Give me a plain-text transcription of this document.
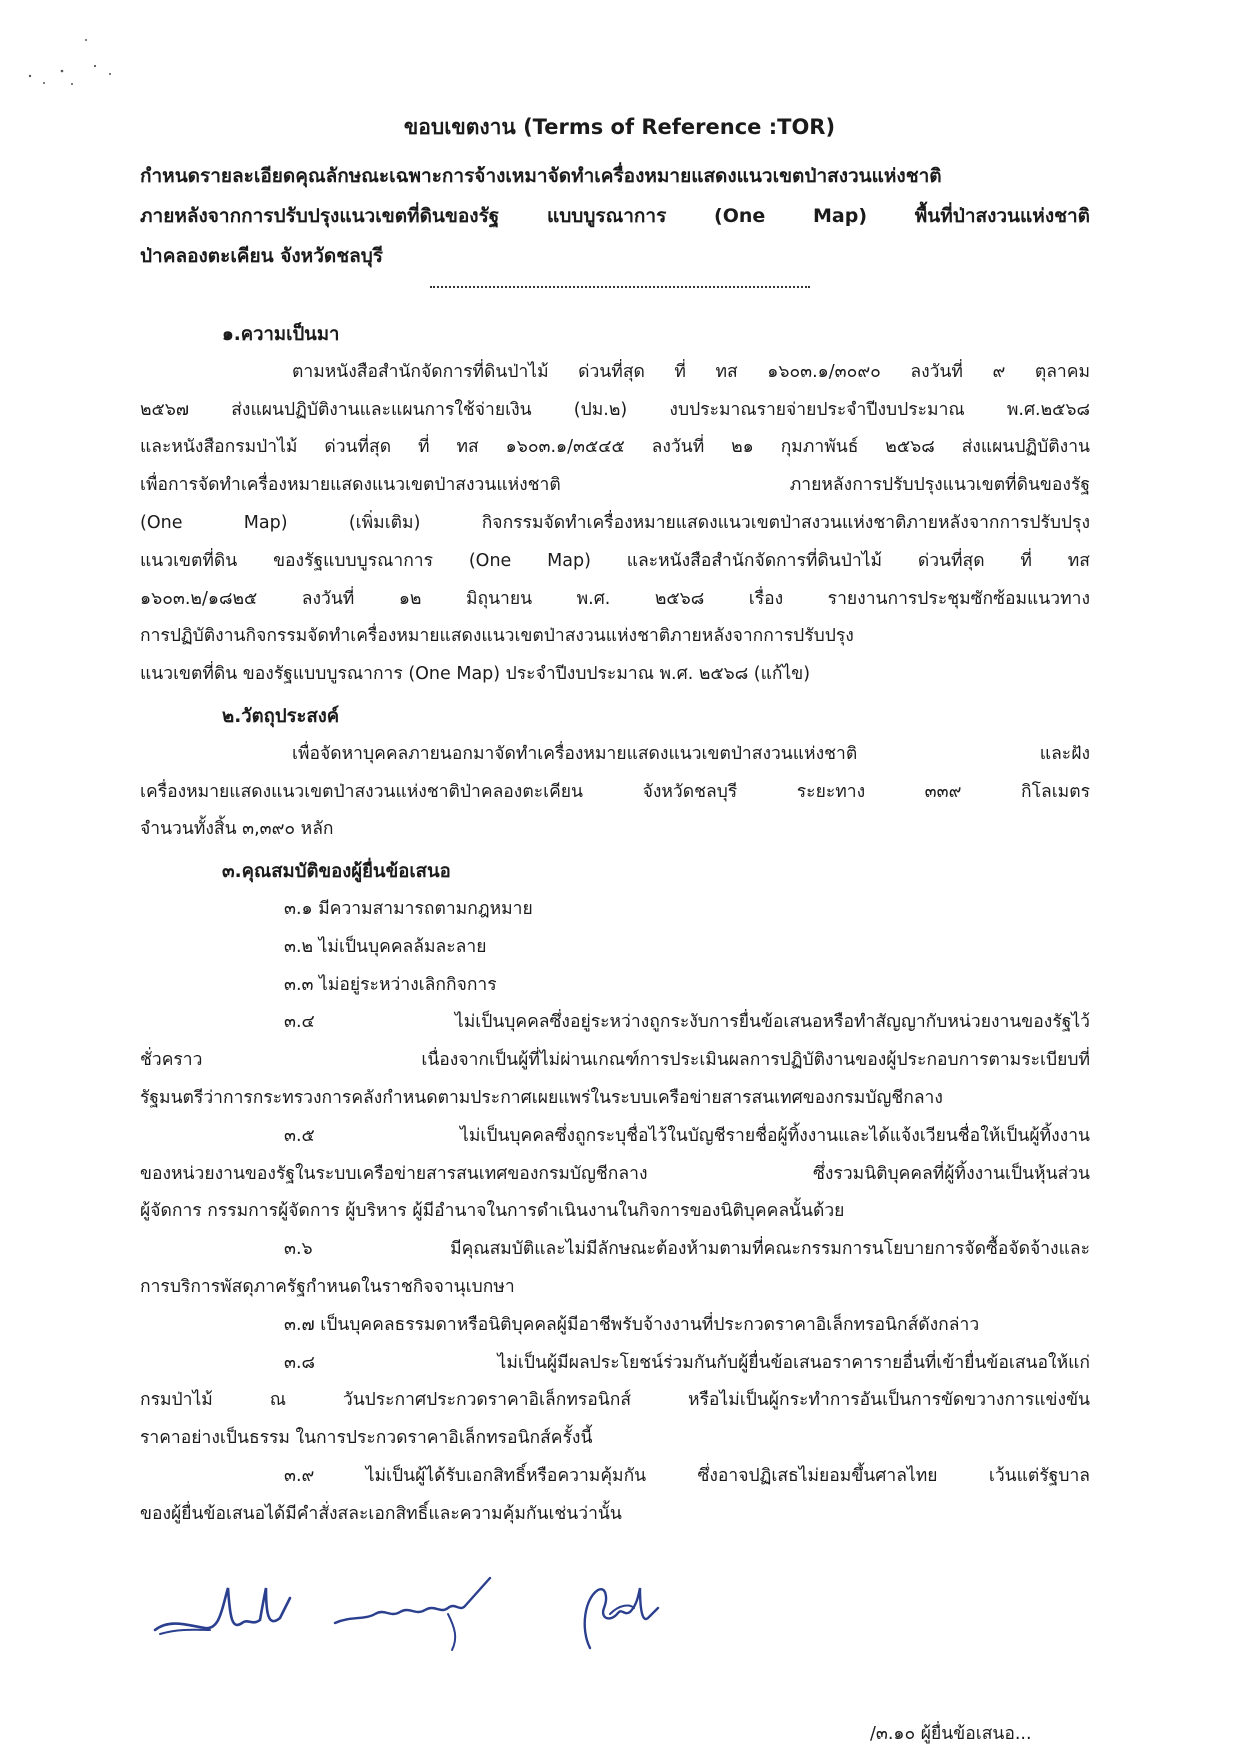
ขอบเขตงาน (Terms of Reference :TOR)
กำหนดรายละเอียดคุณลักษณะเฉพาะการจ้างเหมาจัดทำเครื่องหมายแสดงแนวเขตป่าสงวนแห่งชาติ
ภายหลังจากการปรับปรุงแนวเขตที่ดินของรัฐ แบบบูรณาการ (One Map) พื้นที่ป่าสงวนแห่งชาติ
ป่าคลองตะเคียน จังหวัดชลบุรี
๑.ความเป็นมา
ตามหนังสือสำนักจัดการที่ดินป่าไม้ ด่วนที่สุด ที่ ทส ๑๖๐๓.๑/๓๐๙๐ ลงวันที่ ๙ ตุลาคม
๒๕๖๗ ส่งแผนปฏิบัติงานและแผนการใช้จ่ายเงิน (ปม.๒) งบประมาณรายจ่ายประจำปีงบประมาณ พ.ศ.๒๕๖๘
และหนังสือกรมป่าไม้ ด่วนที่สุด ที่ ทส ๑๖๐๓.๑/๓๕๔๕ ลงวันที่ ๒๑ กุมภาพันธ์ ๒๕๖๘ ส่งแผนปฏิบัติงาน
เพื่อการจัดทำเครื่องหมายแสดงแนวเขตป่าสงวนแห่งชาติ ภายหลังการปรับปรุงแนวเขตที่ดินของรัฐ
(One Map) (เพิ่มเติม) กิจกรรมจัดทำเครื่องหมายแสดงแนวเขตป่าสงวนแห่งชาติภายหลังจากการปรับปรุง
แนวเขตที่ดิน ของรัฐแบบบูรณาการ (One Map) และหนังสือสำนักจัดการที่ดินป่าไม้ ด่วนที่สุด ที่ ทส
๑๖๐๓.๒/๑๘๒๕ ลงวันที่ ๑๒ มิถุนายน พ.ศ. ๒๕๖๘ เรื่อง รายงานการประชุมซักซ้อมแนวทาง
การปฏิบัติงานกิจกรรมจัดทำเครื่องหมายแสดงแนวเขตป่าสงวนแห่งชาติภายหลังจากการปรับปรุง
แนวเขตที่ดิน ของรัฐแบบบูรณาการ (One Map) ประจำปีงบประมาณ พ.ศ. ๒๕๖๘ (แก้ไข)
๒.วัตถุประสงค์
เพื่อจัดหาบุคคลภายนอกมาจัดทำเครื่องหมายแสดงแนวเขตป่าสงวนแห่งชาติ และฝัง
เครื่องหมายแสดงแนวเขตป่าสงวนแห่งชาติป่าคลองตะเคียน จังหวัดชลบุรี ระยะทาง ๓๓๙ กิโลเมตร
จำนวนทั้งสิ้น ๓,๓๙๐ หลัก
๓.คุณสมบัติของผู้ยื่นข้อเสนอ
๓.๑ มีความสามารถตามกฎหมาย
๓.๒ ไม่เป็นบุคคลล้มละลาย
๓.๓ ไม่อยู่ระหว่างเลิกกิจการ
๓.๔ ไม่เป็นบุคคลซึ่งอยู่ระหว่างถูกระงับการยื่นข้อเสนอหรือทำสัญญากับหน่วยงานของรัฐไว้
ชั่วคราว เนื่องจากเป็นผู้ที่ไม่ผ่านเกณฑ์การประเมินผลการปฏิบัติงานของผู้ประกอบการตามระเบียบที่
รัฐมนตรีว่าการกระทรวงการคลังกำหนดตามประกาศเผยแพร่ในระบบเครือข่ายสารสนเทศของกรมบัญชีกลาง
๓.๕ ไม่เป็นบุคคลซึ่งถูกระบุชื่อไว้ในบัญชีรายชื่อผู้ทิ้งงานและได้แจ้งเวียนชื่อให้เป็นผู้ทิ้งงาน
ของหน่วยงานของรัฐในระบบเครือข่ายสารสนเทศของกรมบัญชีกลาง ซึ่งรวมนิติบุคคลที่ผู้ทิ้งงานเป็นหุ้นส่วน
ผู้จัดการ กรรมการผู้จัดการ ผู้บริหาร ผู้มีอำนาจในการดำเนินงานในกิจการของนิติบุคคลนั้นด้วย
๓.๖ มีคุณสมบัติและไม่มีลักษณะต้องห้ามตามที่คณะกรรมการนโยบายการจัดซื้อจัดจ้างและ
การบริการพัสดุภาครัฐกำหนดในราชกิจจานุเบกษา
๓.๗ เป็นบุคคลธรรมดาหรือนิติบุคคลผู้มีอาชีพรับจ้างงานที่ประกวดราคาอิเล็กทรอนิกส์ดังกล่าว
๓.๘ ไม่เป็นผู้มีผลประโยชน์ร่วมกันกับผู้ยื่นข้อเสนอราคารายอื่นที่เข้ายื่นข้อเสนอให้แก่
กรมป่าไม้ ณ วันประกาศประกวดราคาอิเล็กทรอนิกส์ หรือไม่เป็นผู้กระทำการอันเป็นการขัดขวางการแข่งขัน
ราคาอย่างเป็นธรรม ในการประกวดราคาอิเล็กทรอนิกส์ครั้งนี้
๓.๙ ไม่เป็นผู้ได้รับเอกสิทธิ์หรือความคุ้มกัน ซึ่งอาจปฏิเสธไม่ยอมขึ้นศาลไทย เว้นแต่รัฐบาล
ของผู้ยื่นข้อเสนอได้มีคำสั่งสละเอกสิทธิ์และความคุ้มกันเช่นว่านั้น
/๓.๑๐ ผู้ยื่นข้อเสนอ...
